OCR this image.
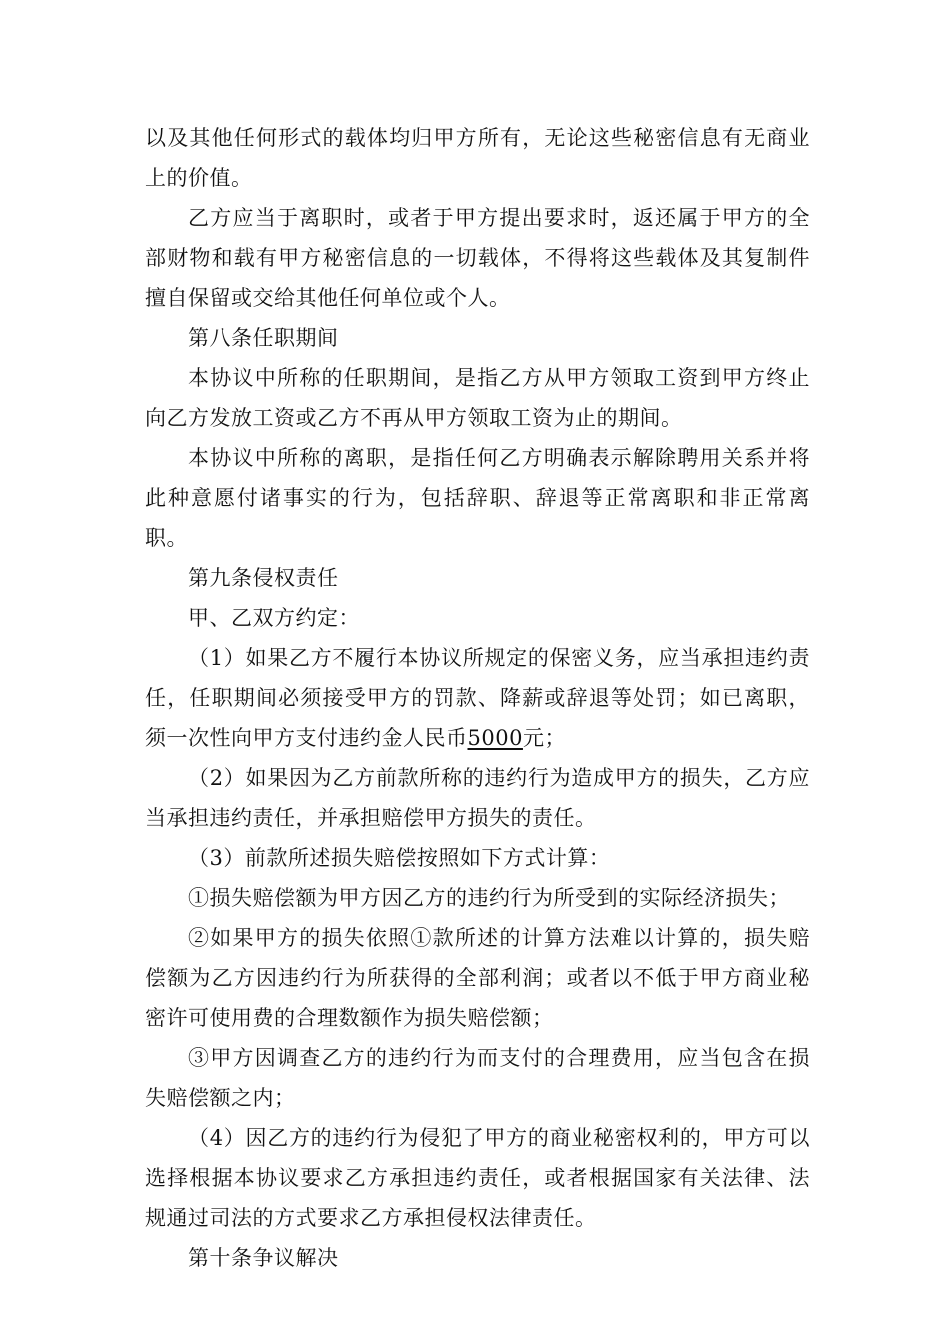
以及其他任何形式的载体均归甲方所有，无论这些秘密信息有无商业上的价值。

乙方应当于离职时，或者于甲方提出要求时，返还属于甲方的全部财物和载有甲方秘密信息的一切载体，不得将这些载体及其复制件擅自保留或交给其他任何单位或个人。

第八条任职期间

本协议中所称的任职期间，是指乙方从甲方领取工资到甲方终止向乙方发放工资或乙方不再从甲方领取工资为止的期间。

本协议中所称的离职，是指任何乙方明确表示解除聘用关系并将此种意愿付诸事实的行为，包括辞职、辞退等正常离职和非正常离职。

第九条侵权责任

甲、乙双方约定：

（1）如果乙方不履行本协议所规定的保密义务，应当承担违约责任，任职期间必须接受甲方的罚款、降薪或辞退等处罚；如已离职，须一次性向甲方支付违约金人民币5000元；

（2）如果因为乙方前款所称的违约行为造成甲方的损失，乙方应当承担违约责任，并承担赔偿甲方损失的责任。

（3）前款所述损失赔偿按照如下方式计算：

①损失赔偿额为甲方因乙方的违约行为所受到的实际经济损失；

②如果甲方的损失依照①款所述的计算方法难以计算的，损失赔偿额为乙方因违约行为所获得的全部利润；或者以不低于甲方商业秘密许可使用费的合理数额作为损失赔偿额；

③甲方因调查乙方的违约行为而支付的合理费用，应当包含在损失赔偿额之内；

（4）因乙方的违约行为侵犯了甲方的商业秘密权利的，甲方可以选择根据本协议要求乙方承担违约责任，或者根据国家有关法律、法规通过司法的方式要求乙方承担侵权法律责任。

第十条争议解决
